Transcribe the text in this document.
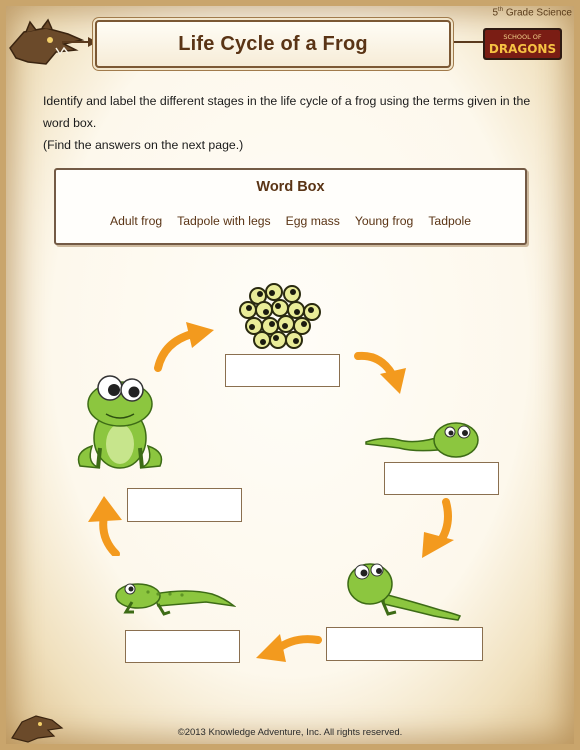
5th Grade Science
Life Cycle of a Frog	SCHOOL OF
DRAGONS
Identify and label the different stages in the life cycle of a frog using the terms given in the word box.
(Find the answers on the next page.)
Word Box
Adult frog Tadpole with legs Egg mass Young frog Tadpole
©2013 Knowledge Adventure, Inc. All rights reserved.
